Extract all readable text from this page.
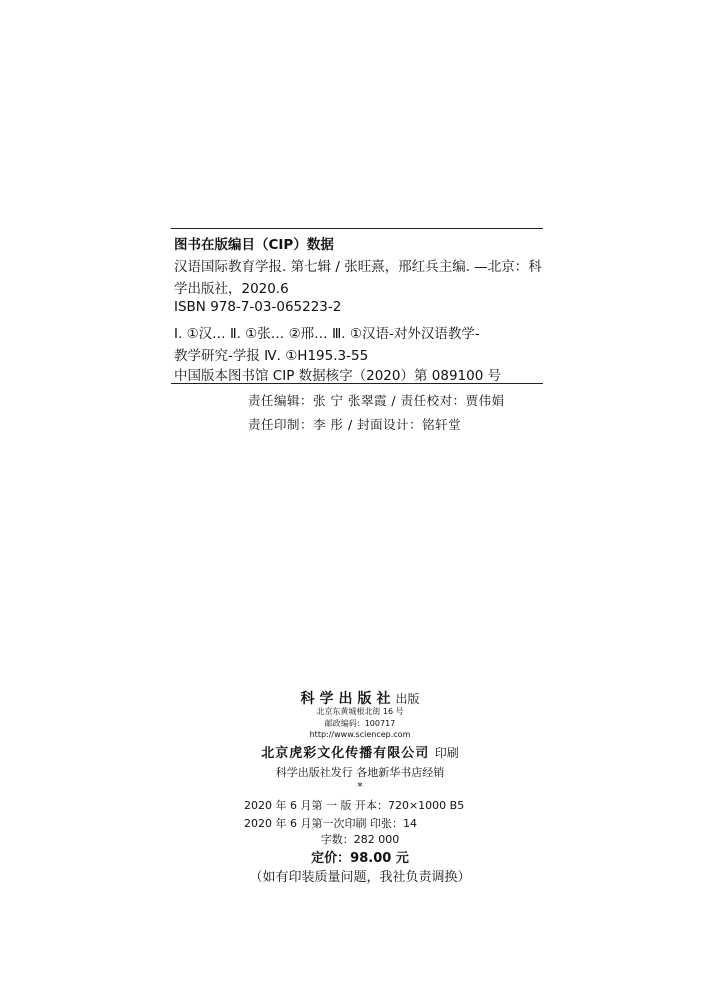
图书在版编目（CIP）数据
汉语国际教育学报. 第七辑 / 张旺熹，邢红兵主编. —北京：科
学出版社，2020.6
ISBN 978-7-03-065223-2
Ⅰ. ①汉… Ⅱ. ①张… ②邢… Ⅲ. ①汉语-对外汉语教学-
教学研究-学报 Ⅳ. ①H195.3-55
中国版本图书馆 CIP 数据核字（2020）第 089100 号
责任编辑：张 宁 张翠霞 / 责任校对：贾伟娟
责任印制：李 彤 / 封面设计：铭轩堂
科学出版社出版
北京东黄城根北街 16 号
邮政编码：100717
http://www.sciencep.com
北京虎彩文化传播有限公司 印刷
科学出版社发行 各地新华书店经销
*
2020 年 6 月第 一 版 开本：720×1000 B5
2020 年 6 月第一次印刷 印张：14
字数：282 000
定价：98.00 元
（如有印装质量问题，我社负责调换）
